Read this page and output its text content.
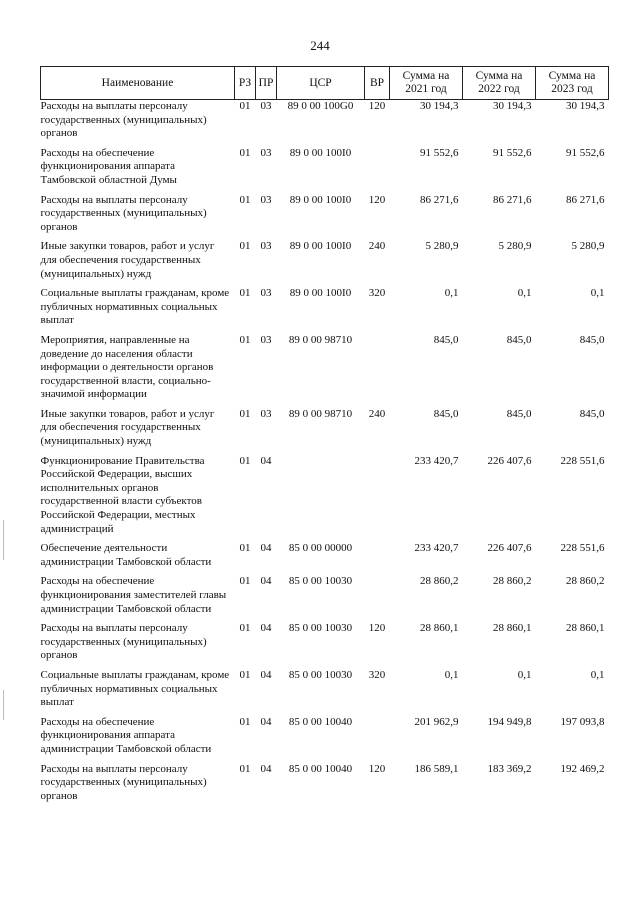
244
Наименование	РЗ	ПР	ЦСР	ВР	Сумма на 2021 год	Сумма на 2022 год	Сумма на 2023 год
Расходы на выплаты персоналу государственных (муниципальных) органов	01	03	89 0 00 100G0	120	30 194,3	30 194,3	30 194,3
Расходы на обеспечение функционирования аппарата Тамбовской областной Думы	01	03	89 0 00 100I0		91 552,6	91 552,6	91 552,6
Расходы на выплаты персоналу государственных (муниципальных) органов	01	03	89 0 00 100I0	120	86 271,6	86 271,6	86 271,6
Иные закупки товаров, работ и услуг для обеспечения государственных (муниципальных) нужд	01	03	89 0 00 100I0	240	5 280,9	5 280,9	5 280,9
Социальные выплаты гражданам, кроме публичных нормативных социальных выплат	01	03	89 0 00 100I0	320	0,1	0,1	0,1
Мероприятия, направленные на доведение до населения области информации о деятельности органов государственной власти, социально-значимой информации	01	03	89 0 00 98710		845,0	845,0	845,0
Иные закупки товаров, работ и услуг для обеспечения государственных (муниципальных) нужд	01	03	89 0 00 98710	240	845,0	845,0	845,0
Функционирование Правительства Российской Федерации, высших исполнительных органов государственной власти субъектов Российской Федерации, местных администраций	01	04			233 420,7	226 407,6	228 551,6
Обеспечение деятельности администрации Тамбовской области	01	04	85 0 00 00000		233 420,7	226 407,6	228 551,6
Расходы на обеспечение функционирования заместителей главы администрации Тамбовской области	01	04	85 0 00 10030		28 860,2	28 860,2	28 860,2
Расходы на выплаты персоналу государственных (муниципальных) органов	01	04	85 0 00 10030	120	28 860,1	28 860,1	28 860,1
Социальные выплаты гражданам, кроме публичных нормативных социальных выплат	01	04	85 0 00 10030	320	0,1	0,1	0,1
Расходы на обеспечение функционирования аппарата администрации Тамбовской области	01	04	85 0 00 10040		201 962,9	194 949,8	197 093,8
Расходы на выплаты персоналу государственных (муниципальных) органов	01	04	85 0 00 10040	120	186 589,1	183 369,2	192 469,2
